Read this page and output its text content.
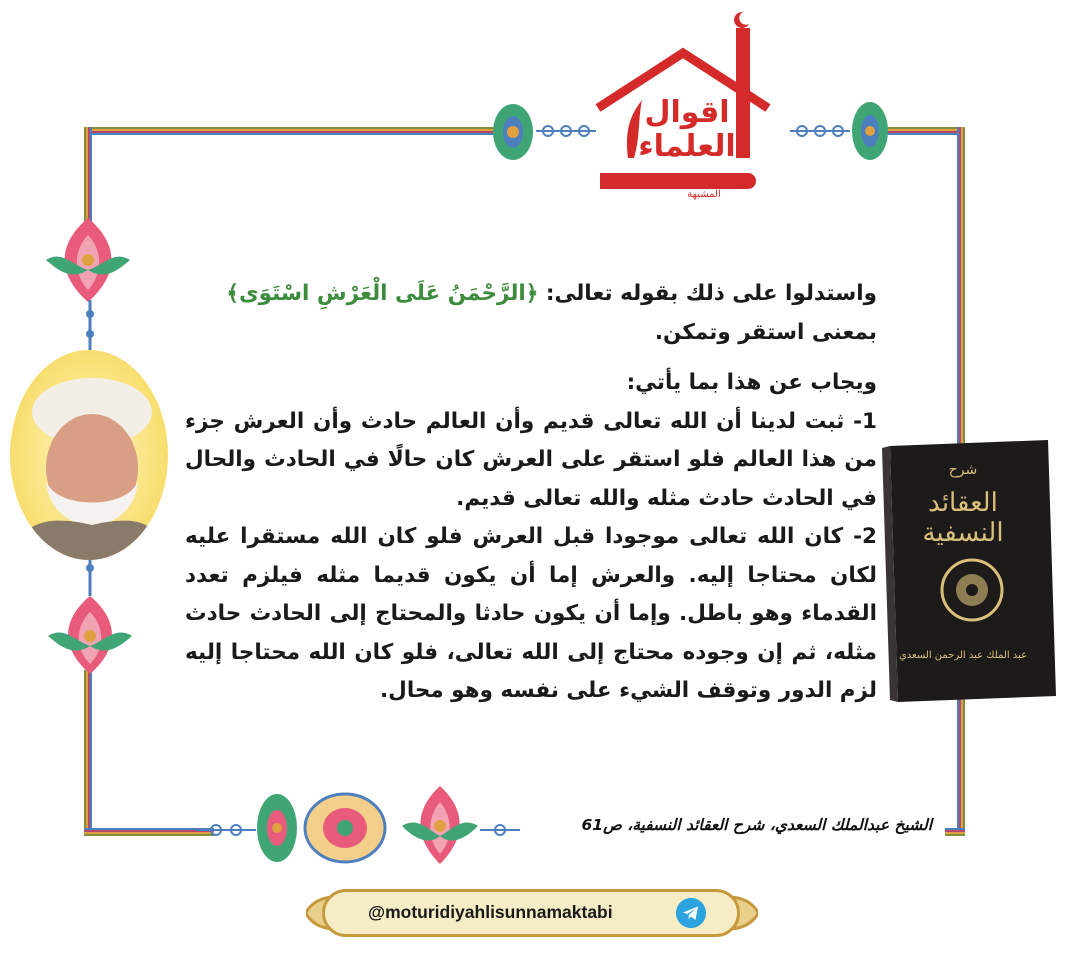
اقوال العلماء
مجموعة في ابطال عقائد المشبهة
شرح
العقائد النسفية
عبد الملك عبد الرحمن السعدي

واستدلوا على ذلك بقوله تعالى: ﴿الرَّحْمَنُ عَلَى الْعَرْشِ اسْتَوَى﴾

بمعنى استقر وتمكن.

ويجاب عن هذا بما يأتي:

1- ثبت لدينا أن الله تعالى قديم وأن العالم حادث وأن العرش جزء من هذا العالم فلو استقر على العرش كان حالًا في الحادث والحال في الحادث حادث مثله والله تعالى قديم.

2- كان الله تعالى موجودا قبل العرش فلو كان الله مستقرا عليه لكان محتاجا إليه. والعرش إما أن يكون قديما مثله فيلزم تعدد القدماء وهو باطل. وإما أن يكون حادثا والمحتاج إلى الحادث حادث مثله، ثم إن وجوده محتاج إلى الله تعالى، فلو كان الله محتاجا إليه لزم الدور وتوقف الشيء على نفسه وهو محال.

الشيخ عبدالملك السعدي، شرح العقائد النسفية، ص61
@moturidiyahlisunnamaktabi
